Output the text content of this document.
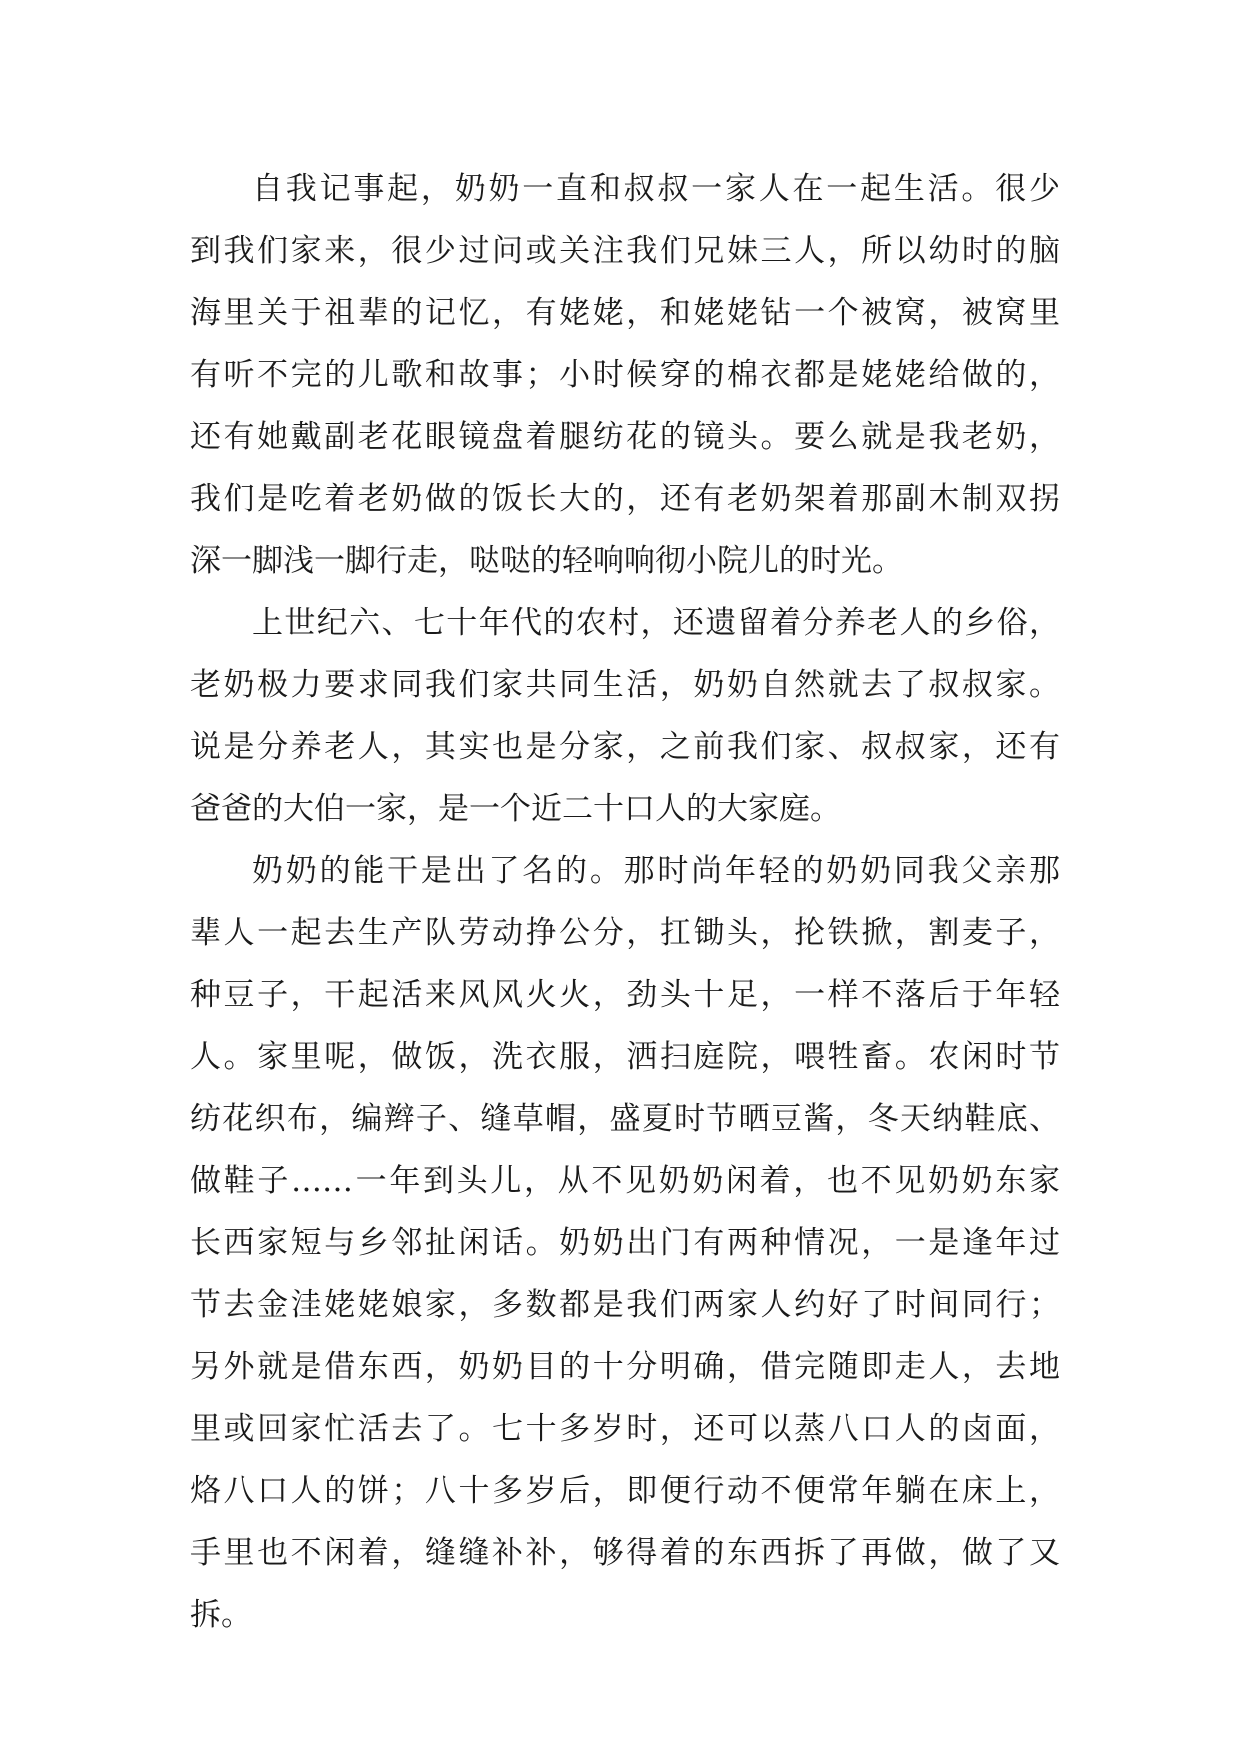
自我记事起，奶奶一直和叔叔一家人在一起生活。很少
到我们家来，很少过问或关注我们兄妹三人，所以幼时的脑
海里关于祖辈的记忆，有姥姥，和姥姥钻一个被窝，被窝里
有听不完的儿歌和故事；小时候穿的棉衣都是姥姥给做的，
还有她戴副老花眼镜盘着腿纺花的镜头。要么就是我老奶，
我们是吃着老奶做的饭长大的，还有老奶架着那副木制双拐
深一脚浅一脚行走，哒哒的轻响响彻小院儿的时光。
上世纪六、七十年代的农村，还遗留着分养老人的乡俗，
老奶极力要求同我们家共同生活，奶奶自然就去了叔叔家。
说是分养老人，其实也是分家，之前我们家、叔叔家，还有
爸爸的大伯一家，是一个近二十口人的大家庭。
奶奶的能干是出了名的。那时尚年轻的奶奶同我父亲那
辈人一起去生产队劳动挣公分，扛锄头，抡铁掀，割麦子，
种豆子，干起活来风风火火，劲头十足，一样不落后于年轻
人。家里呢，做饭，洗衣服，洒扫庭院，喂牲畜。农闲时节
纺花织布，编辫子、缝草帽，盛夏时节晒豆酱，冬天纳鞋底、
做鞋子……一年到头儿，从不见奶奶闲着，也不见奶奶东家
长西家短与乡邻扯闲话。奶奶出门有两种情况，一是逢年过
节去金洼姥姥娘家，多数都是我们两家人约好了时间同行；
另外就是借东西，奶奶目的十分明确，借完随即走人，去地
里或回家忙活去了。七十多岁时，还可以蒸八口人的卤面，
烙八口人的饼；八十多岁后，即便行动不便常年躺在床上，
手里也不闲着，缝缝补补，够得着的东西拆了再做，做了又
拆。
